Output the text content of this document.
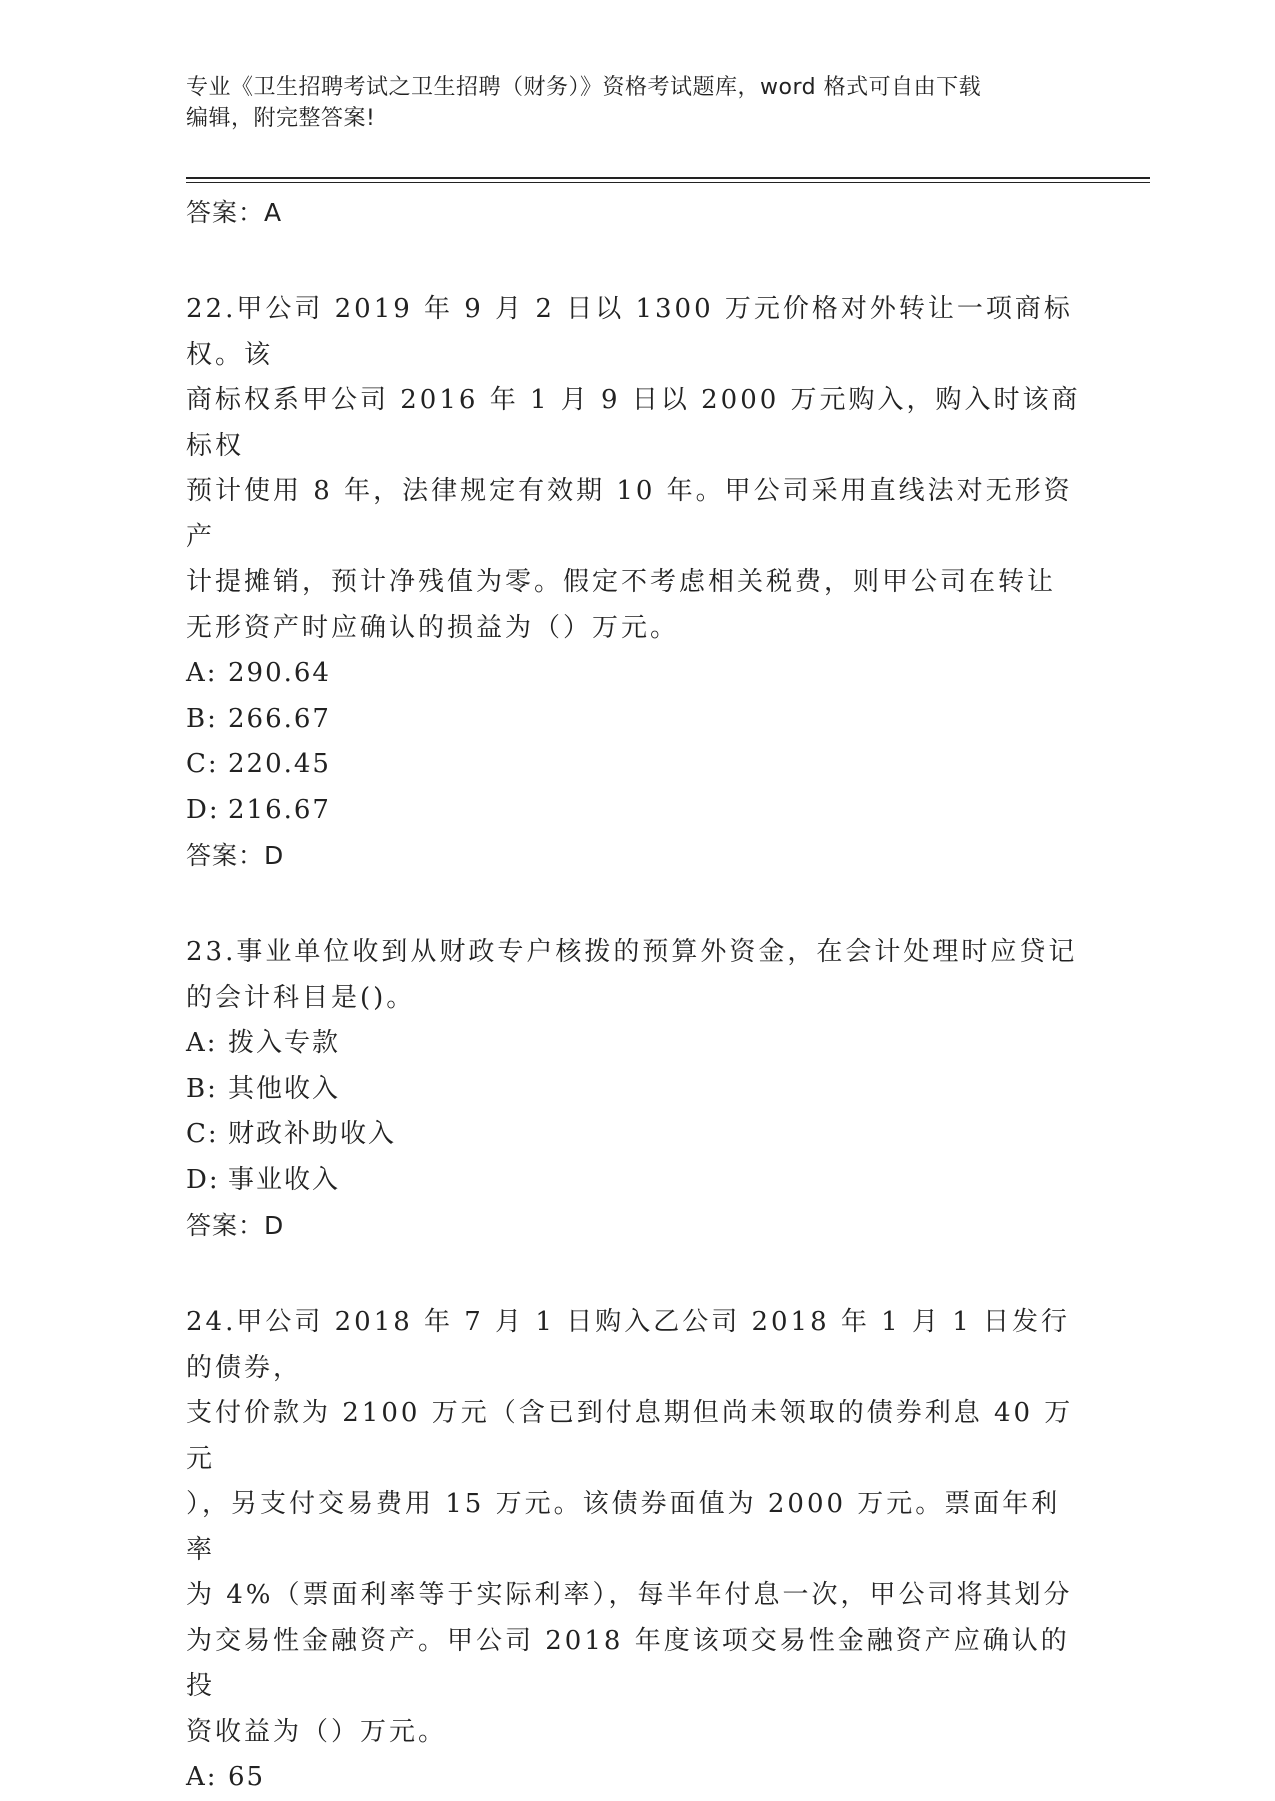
专业《卫生招聘考试之卫生招聘（财务）》资格考试题库，word 格式可自由下载
编辑，附完整答案!

答案：A

22.甲公司 2019 年 9 月 2 日以 1300 万元价格对外转让一项商标权。该

商标权系甲公司 2016 年 1 月 9 日以 2000 万元购入，购入时该商标权

预计使用 8 年，法律规定有效期 10 年。甲公司采用直线法对无形资产

计提摊销，预计净残值为零。假定不考虑相关税费，则甲公司在转让

无形资产时应确认的损益为（）万元。

A: 290.64

B: 266.67

C: 220.45

D: 216.67

答案：D

23.事业单位收到从财政专户核拨的预算外资金，在会计处理时应贷记

的会计科目是()。

A: 拨入专款

B: 其他收入

C: 财政补助收入

D: 事业收入

答案：D

24.甲公司 2018 年 7 月 1 日购入乙公司 2018 年 1 月 1 日发行的债券，

支付价款为 2100 万元（含已到付息期但尚未领取的债券利息 40 万元

），另支付交易费用 15 万元。该债券面值为 2000 万元。票面年利率

为 4%（票面利率等于实际利率），每半年付息一次，甲公司将其划分

为交易性金融资产。甲公司 2018 年度该项交易性金融资产应确认的投

资收益为（）万元。

A: 65
